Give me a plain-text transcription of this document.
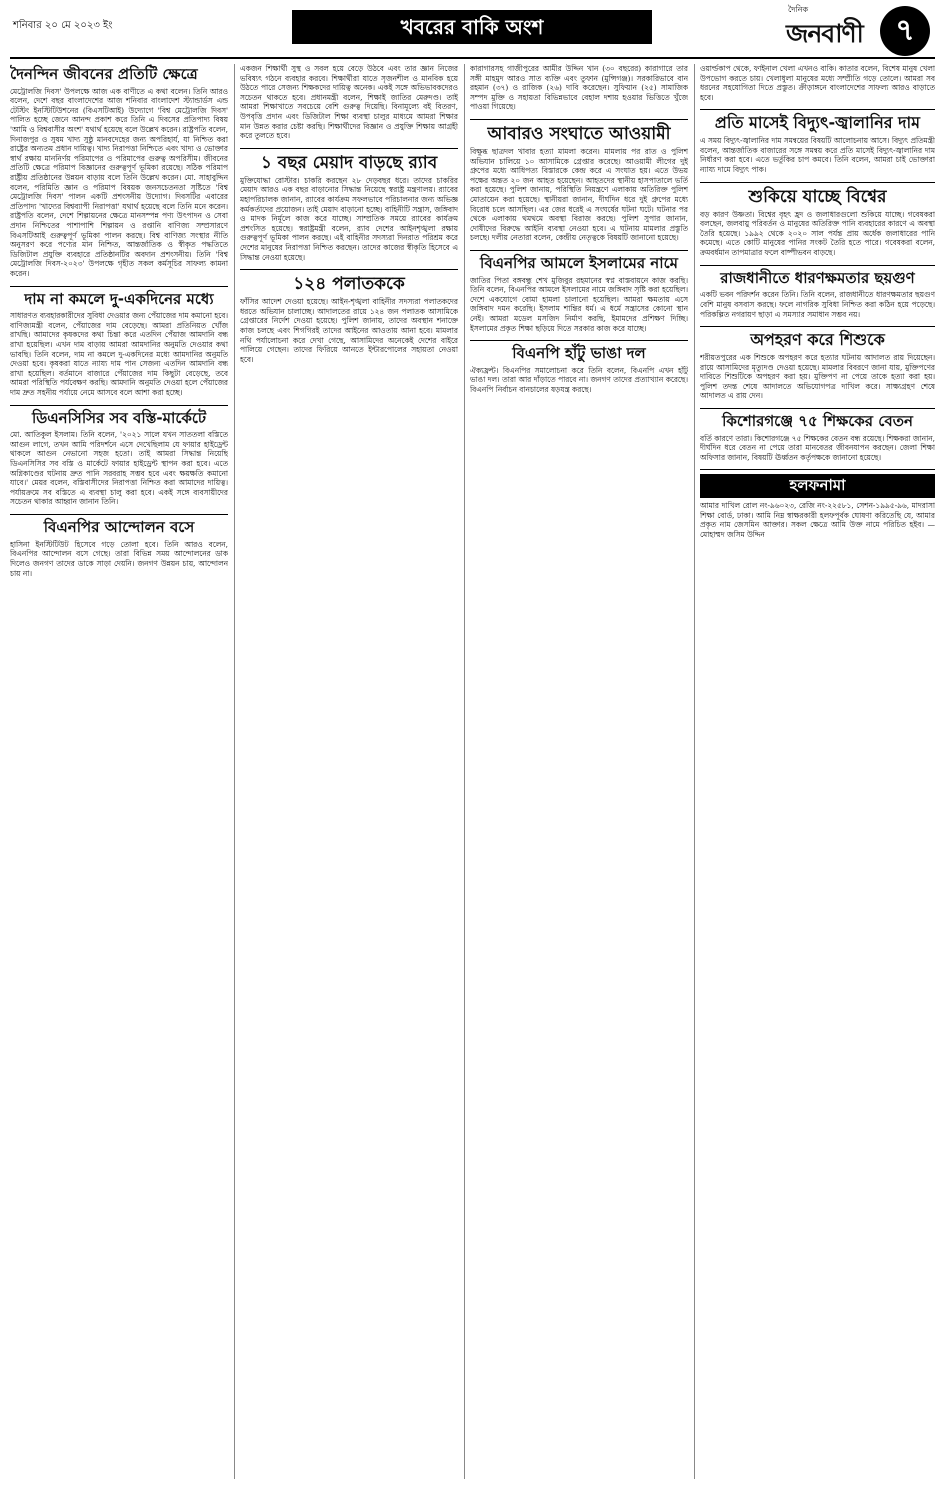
শনিবার ২০ মে ২০২৩ ইং	খবরের বাকি অংশ
দৈনিক
জনবাণী	৭
দৈনন্দিন জীবনের প্রতিটি ক্ষেত্রে

মেট্রোলজি দিবস' উপলক্ষে আজ এক বাণীতে এ কথা বলেন। তিনি আরও বলেন, দেশে বছর বাংলাদেশের আজ শনিবার বাংলাদেশ স্ট্যান্ডার্ডস এন্ড টেস্টিং ইনস্টিটিউশনের (বিএসটিআই) উদ্যোগে 'বিশ্ব মেট্রোলজি দিবস' পালিত হচ্ছে জেনে আনন্দ প্রকাশ করে তিনি এ দিবসের প্রতিপাদ্য বিষয় 'আমি ও বিশ্ববাসীর অংশ' যথার্থ হয়েছে বলে উল্লেখ করেন। রাষ্ট্রপতি বলেন, দিনাজপুর ও সুষম খাদ্য সুষ্ঠু মানবদেহের জন্য অপরিহার্য, যা নিশ্চিত করা রাষ্ট্রের অন্যতম প্রধান দায়িত্ব। খাদ্য নিরাপত্তা নিশ্চিতে এবং খাদ্য ও ভোক্তার স্বার্থ রক্ষায় মাননির্ণয় পরিমাপের ও পরিমাপের গুরুত্ব অপরিসীম। জীবনের প্রতিটি ক্ষেত্রে পরিমাপ বিজ্ঞানের গুরুত্বপূর্ণ ভূমিকা রয়েছে। সঠিক পরিমাপ রাষ্ট্রীয় প্রতিষ্ঠানের উন্নয়ন বাড়ায় বলে তিনি উল্লেখ করেন। মো. সাহাবুদ্দিন বলেন, পরিমিতি জ্ঞান ও পরিমাপ বিষয়ক জনসচেতনতা সৃষ্টিতে 'বিশ্ব মেট্রোলজি দিবস' পালন একটি প্রশংসনীয় উদ্যোগ। দিবসটির এবারের প্রতিপাদ্য 'খাদ্যের বিশ্বব্যাপী নিরাপত্তা' যথার্থ হয়েছে বলে তিনি মনে করেন। রাষ্ট্রপতি বলেন, দেশে শিল্পায়নের ক্ষেত্রে মানসম্পন্ন পণ্য উৎপাদন ও সেবা প্রদান নিশ্চিতের পাশাপাশি শিল্পায়ন ও রপ্তানি বাণিজ্য সম্প্রসারণে বিএসটিআই গুরুত্বপূর্ণ ভূমিকা পালন করছে। বিশ্ব বাণিজ্য সংস্থার নীতি অনুসরণ করে পণ্যের মান নিশ্চিত, আন্তর্জাতিক ও স্বীকৃত পদ্ধতিতে ডিজিটাল প্রযুক্তি ব্যবহারে প্রতিষ্ঠানটির অবদান প্রশংসনীয়। তিনি 'বিশ্ব মেট্রোলজি দিবস-২০২৩' উপলক্ষে গৃহীত সকল কর্মসূচির সাফল্য কামনা করেন।

দাম না কমলে দু-একদিনের মধ্যে

সাধারণত ব্যবহারকারীদের সুবিধা দেওয়ার জন্য পেঁয়াজের দাম কমানো হবে। বাণিজ্যমন্ত্রী বলেন, পেঁয়াজের দাম বেড়েছে। আমরা প্রতিনিয়ত খোঁজ রাখছি। আমাদের কৃষকদের কথা চিন্তা করে এতদিন পেঁয়াজ আমদানি বন্ধ রাখা হয়েছিল। এখন দাম বাড়ায় আমরা আমদানির অনুমতি দেওয়ার কথা ভাবছি। তিনি বলেন, দাম না কমলে দু-একদিনের মধ্যে আমদানির অনুমতি দেওয়া হবে। কৃষকরা যাতে ন্যায্য দাম পান সেজন্য এতদিন আমদানি বন্ধ রাখা হয়েছিল। বর্তমানে বাজারে পেঁয়াজের দাম কিছুটা বেড়েছে, তবে আমরা পরিস্থিতি পর্যবেক্ষণ করছি। আমদানি অনুমতি দেওয়া হলে পেঁয়াজের দাম দ্রুত সহনীয় পর্যায়ে নেমে আসবে বলে আশা করা হচ্ছে।

ডিএনসিসির সব বস্তি-মার্কেটে

মো. আতিকুল ইসলাম। তিনি বলেন, '২০২১ সালে যখন সাততলা বস্তিতে আগুন লাগে, তখন আমি পরিদর্শনে এসে দেখেছিলাম যে ফায়ার হাইড্রেন্ট থাকলে আগুন নেভানো সহজ হতো। তাই আমরা সিদ্ধান্ত নিয়েছি ডিএনসিসির সব বস্তি ও মার্কেটে ফায়ার হাইড্রেন্ট স্থাপন করা হবে। এতে অগ্নিকাণ্ডের ঘটনায় দ্রুত পানি সরবরাহ সম্ভব হবে এবং ক্ষয়ক্ষতি কমানো যাবে।' মেয়র বলেন, বস্তিবাসীদের নিরাপত্তা নিশ্চিত করা আমাদের দায়িত্ব। পর্যায়ক্রমে সব বস্তিতে এ ব্যবস্থা চালু করা হবে। একই সঙ্গে ব্যবসায়ীদের সচেতন থাকার আহ্বান জানান তিনি।

বিএনপির আন্দোলন বসে

হাসিনা ইনস্টিটিউট হিসেবে গড়ে তোলা হবে। তিনি আরও বলেন, বিএনপির আন্দোলন বসে গেছে। তারা বিভিন্ন সময় আন্দোলনের ডাক দিলেও জনগণ তাদের ডাকে সাড়া দেয়নি। জনগণ উন্নয়ন চায়, আন্দোলন চায় না।

একজন শিক্ষার্থী সুস্থ ও সবল হয়ে বেড়ে উঠবে এবং তার জ্ঞান নিজের ভবিষ্যৎ গঠনে ব্যবহার করবে। শিক্ষার্থীরা যাতে সৃজনশীল ও মানবিক হয়ে উঠতে পারে সেজন্য শিক্ষকদের দায়িত্ব অনেক। একই সঙ্গে অভিভাবকদেরও সচেতন থাকতে হবে। প্রধানমন্ত্রী বলেন, শিক্ষাই জাতির মেরুদণ্ড। তাই আমরা শিক্ষাখাতে সবচেয়ে বেশি গুরুত্ব দিয়েছি। বিনামূল্যে বই বিতরণ, উপবৃত্তি প্রদান এবং ডিজিটাল শিক্ষা ব্যবস্থা চালুর মাধ্যমে আমরা শিক্ষার মান উন্নত করার চেষ্টা করছি। শিক্ষার্থীদের বিজ্ঞান ও প্রযুক্তি শিক্ষায় আগ্রহী করে তুলতে হবে।

১ বছর মেয়াদ বাড়ছে র‍্যাব

মুক্তিযোদ্ধা রোস্টার। চাকরি করছেন ২৮ দেড়বছর ধরে। তাদের চাকরির মেয়াদ আরও এক বছর বাড়ানোর সিদ্ধান্ত নিয়েছে স্বরাষ্ট্র মন্ত্রণালয়। র‍্যাবের মহাপরিচালক জানান, র‍্যাবের কার্যক্রম সফলভাবে পরিচালনার জন্য অভিজ্ঞ কর্মকর্তাদের প্রয়োজন। তাই মেয়াদ বাড়ানো হচ্ছে। বাহিনীটি সন্ত্রাস, জঙ্গিবাদ ও মাদক নির্মূলে কাজ করে যাচ্ছে। সাম্প্রতিক সময়ে র‍্যাবের কার্যক্রম প্রশংসিত হয়েছে। স্বরাষ্ট্রমন্ত্রী বলেন, র‍্যাব দেশের আইনশৃঙ্খলা রক্ষায় গুরুত্বপূর্ণ ভূমিকা পালন করছে। এই বাহিনীর সদস্যরা দিনরাত পরিশ্রম করে দেশের মানুষের নিরাপত্তা নিশ্চিত করছেন। তাদের কাজের স্বীকৃতি হিসেবে এ সিদ্ধান্ত নেওয়া হয়েছে।

১২৪ পলাতককে

ফাঁসির আদেশ দেওয়া হয়েছে। আইন-শৃঙ্খলা বাহিনীর সদস্যরা পলাতকদের ধরতে অভিযান চালাচ্ছে। আদালতের রায়ে ১২৪ জন পলাতক আসামিকে গ্রেপ্তারের নির্দেশ দেওয়া হয়েছে। পুলিশ জানায়, তাদের অবস্থান শনাক্তে কাজ চলছে এবং শিগগিরই তাদের আইনের আওতায় আনা হবে। মামলার নথি পর্যালোচনা করে দেখা গেছে, আসামিদের অনেকেই দেশের বাইরে পালিয়ে গেছেন। তাদের ফিরিয়ে আনতে ইন্টারপোলের সহায়তা নেওয়া হবে।

কারাগারসহ গাজীপুরের আমীর উদ্দিন খান (৩০ বছরের) কারাগারে তার সঙ্গী মাহমুদ আরও সাত ব্যক্তি এবং তুফান (মুন্সিগঞ্জ)। সরকারিভাবে বান রহমান (৩৭) ও রাজিক (২৬) দাবি করেছেন। সুফিয়ান (২৫) সামাজিক সম্পদ মুক্তি ও সহায়তা বিভিন্নভাবে বেহাল দশায় হওয়ার ভিত্তিতে খুঁজে পাওয়া গিয়েছে।

আবারও সংঘাতে আওয়ামী

বিক্ষুব্ধ ছাত্রদল খাবার হত্যা মামলা করেন। মামলায় পর রাত ও পুলিশ অভিযান চালিয়ে ১০ আসামিকে গ্রেপ্তার করেছে। আওয়ামী লীগের দুই গ্রুপের মধ্যে আধিপত্য বিস্তারকে কেন্দ্র করে এ সংঘাত হয়। এতে উভয় পক্ষের অন্তত ২০ জন আহত হয়েছেন। আহতদের স্থানীয় হাসপাতালে ভর্তি করা হয়েছে। পুলিশ জানায়, পরিস্থিতি নিয়ন্ত্রণে এলাকায় অতিরিক্ত পুলিশ মোতায়েন করা হয়েছে। স্থানীয়রা জানান, দীর্ঘদিন ধরে দুই গ্রুপের মধ্যে বিরোধ চলে আসছিল। এর জের ধরেই এ সংঘর্ষের ঘটনা ঘটে। ঘটনার পর থেকে এলাকায় থমথমে অবস্থা বিরাজ করছে। পুলিশ সুপার জানান, দোষীদের বিরুদ্ধে আইনি ব্যবস্থা নেওয়া হবে। এ ঘটনায় মামলার প্রস্তুতি চলছে। দলীয় নেতারা বলেন, কেন্দ্রীয় নেতৃত্বকে বিষয়টি জানানো হয়েছে।

বিএনপির আমলে ইসলামের নামে

জাতির পিতা বঙ্গবন্ধু শেখ মুজিবুর রহমানের স্বপ্ন বাস্তবায়নে কাজ করছি। তিনি বলেন, বিএনপির আমলে ইসলামের নামে জঙ্গিবাদ সৃষ্টি করা হয়েছিল। দেশে একযোগে বোমা হামলা চালানো হয়েছিল। আমরা ক্ষমতায় এসে জঙ্গিবাদ দমন করেছি। ইসলাম শান্তির ধর্ম। এ ধর্মে সন্ত্রাসের কোনো স্থান নেই। আমরা মডেল মসজিদ নির্মাণ করছি, ইমামদের প্রশিক্ষণ দিচ্ছি। ইসলামের প্রকৃত শিক্ষা ছড়িয়ে দিতে সরকার কাজ করে যাচ্ছে।

বিএনপি হাঁটু ভাঙা দল

ঐক্যফ্রন্ট। বিএনপির সমালোচনা করে তিনি বলেন, বিএনপি এখন হাঁটু ভাঙা দল। তারা আর দাঁড়াতে পারবে না। জনগণ তাদের প্রত্যাখ্যান করেছে। বিএনপি নির্বাচন বানচালের ষড়যন্ত্র করছে।

ওয়ার্ল্ডকাপ থেকে, ফাইনাল খেলা এখনও বাকি। কাতার বলেন, বিশেষ মানুষ খেলা উপভোগ করতে চায়। খেলাধুলা মানুষের মধ্যে সম্প্রীতি গড়ে তোলে। আমরা সব ধরনের সহযোগিতা দিতে প্রস্তুত। ক্রীড়াঙ্গনে বাংলাদেশের সাফল্য আরও বাড়াতে হবে।

প্রতি মাসেই বিদ্যুৎ-জ্বালানির দাম

এ সময় বিদ্যুৎ-জ্বালানির দাম সমন্বয়ের বিষয়টি আলোচনায় আসে। বিদ্যুৎ প্রতিমন্ত্রী বলেন, আন্তর্জাতিক বাজারের সঙ্গে সমন্বয় করে প্রতি মাসেই বিদ্যুৎ-জ্বালানির দাম নির্ধারণ করা হবে। এতে ভর্তুকির চাপ কমবে। তিনি বলেন, আমরা চাই ভোক্তারা ন্যায্য দামে বিদ্যুৎ পাক।

শুকিয়ে যাচ্ছে বিশ্বের

বড় কারণ উষ্ণতা। বিশ্বের বৃহৎ হ্রদ ও জলাধারগুলো শুকিয়ে যাচ্ছে। গবেষকরা বলছেন, জলবায়ু পরিবর্তন ও মানুষের অতিরিক্ত পানি ব্যবহারের কারণে এ অবস্থা তৈরি হয়েছে। ১৯৯২ থেকে ২০২০ সাল পর্যন্ত প্রায় অর্ধেক জলাধারের পানি কমেছে। এতে কোটি মানুষের পানির সংকট তৈরি হতে পারে। গবেষকরা বলেন, ক্রমবর্ধমান তাপমাত্রার ফলে বাষ্পীভবন বাড়ছে।

রাজধানীতে ধারণক্ষমতার ছয়গুণ

একটি ভবন পরিদর্শন করেন তিনি। তিনি বলেন, রাজধানীতে ধারণক্ষমতার ছয়গুণ বেশি মানুষ বসবাস করছে। ফলে নাগরিক সুবিধা নিশ্চিত করা কঠিন হয়ে পড়েছে। পরিকল্পিত নগরায়ণ ছাড়া এ সমস্যার সমাধান সম্ভব নয়।

অপহরণ করে শিশুকে

শরীয়তপুরের এক শিশুকে অপহরণ করে হত্যার ঘটনায় আদালত রায় দিয়েছেন। রায়ে আসামিদের মৃত্যুদণ্ড দেওয়া হয়েছে। মামলার বিবরণে জানা যায়, মুক্তিপণের দাবিতে শিশুটিকে অপহরণ করা হয়। মুক্তিপণ না পেয়ে তাকে হত্যা করা হয়। পুলিশ তদন্ত শেষে আদালতে অভিযোগপত্র দাখিল করে। সাক্ষ্যগ্রহণ শেষে আদালত এ রায় দেন।

কিশোরগঞ্জে ৭৫ শিক্ষকের বেতন

বর্তি কারণে তারা। কিশোরগঞ্জে ৭৫ শিক্ষকের বেতন বন্ধ রয়েছে। শিক্ষকরা জানান, দীর্ঘদিন ধরে বেতন না পেয়ে তারা মানবেতর জীবনযাপন করছেন। জেলা শিক্ষা অফিসার জানান, বিষয়টি ঊর্ধ্বতন কর্তৃপক্ষকে জানানো হয়েছে।

হলফনামা

আমার দাখিল রোল নং-৯৬০২৩, রেজি নং-২২৫৮১, সেশন-১৯৯৫-৯৬, মাদরাসা শিক্ষা বোর্ড, ঢাকা। আমি নিম্ন স্বাক্ষরকারী হলফপূর্বক ঘোষণা করিতেছি যে, আমার প্রকৃত নাম জেসমিন আক্তার। সকল ক্ষেত্রে আমি উক্ত নামে পরিচিত হইব। — মোহাম্মদ জসিম উদ্দিন
